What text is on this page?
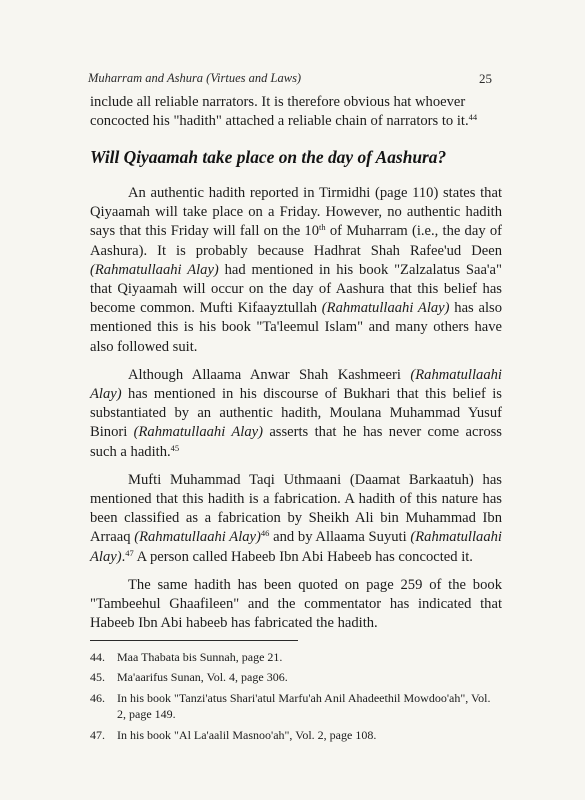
Muharram and Ashura (Virtues and Laws)	25

include all reliable narrators. It is therefore obvious hat whoever

concocted his "hadith" attached a reliable chain of narrators to it.$^{44}$

Will Qiyaamah take place on the day of Aashura?

An authentic hadith reported in Tirmidhi (page 110) states that Qiyaamah will take place on a Friday. However, no authentic hadith says that this Friday will fall on the 10th of Muharram (i.e., the day of Aashura). It is probably because Hadhrat Shah Rafee'ud Deen (Rahmatullaahi Alay) had mentioned in his book "Zalzalatus Saa'a" that Qiyaamah will occur on the day of Aashura that this belief has become common. Mufti Kifaayztullah (Rahmatullaahi Alay) has also mentioned this is his book "Ta'leemul Islam" and many others have also followed suit.

Although Allaama Anwar Shah Kashmeeri (Rahmatullaahi Alay) has mentioned in his discourse of Bukhari that this belief is substantiated by an authentic hadith, Moulana Muhammad Yusuf Binori (Rahmatullaahi Alay) asserts that he has never come across such a hadith.$^{45}$

Mufti Muhammad Taqi Uthmaani (Daamat Barkaatuh) has mentioned that this hadith is a fabrication. A hadith of this nature has been classified as a fabrication by Sheikh Ali bin Muhammad Ibn Arraaq (Rahmatullaahi Alay)$^{46}$ and by Allaama Suyuti (Rahmatullaahi Alay).$^{47}$ A person called Habeeb Ibn Abi Habeeb has concocted it.

The same hadith has been quoted on page 259 of the book "Tambeehul Ghaafileen" and the commentator has indicated that Habeeb Ibn Abi habeeb has fabricated the hadith.

44.	Maa Thabata bis Sunnah, page 21.
45.	Ma'aarifus Sunan, Vol. 4, page 306.
46.	In his book "Tanzi'atus Shari'atul Marfu'ah Anil Ahadeethil Mowdoo'ah", Vol. 2, page 149.
47.	In his book "Al La'aalil Masnoo'ah", Vol. 2, page 108.
